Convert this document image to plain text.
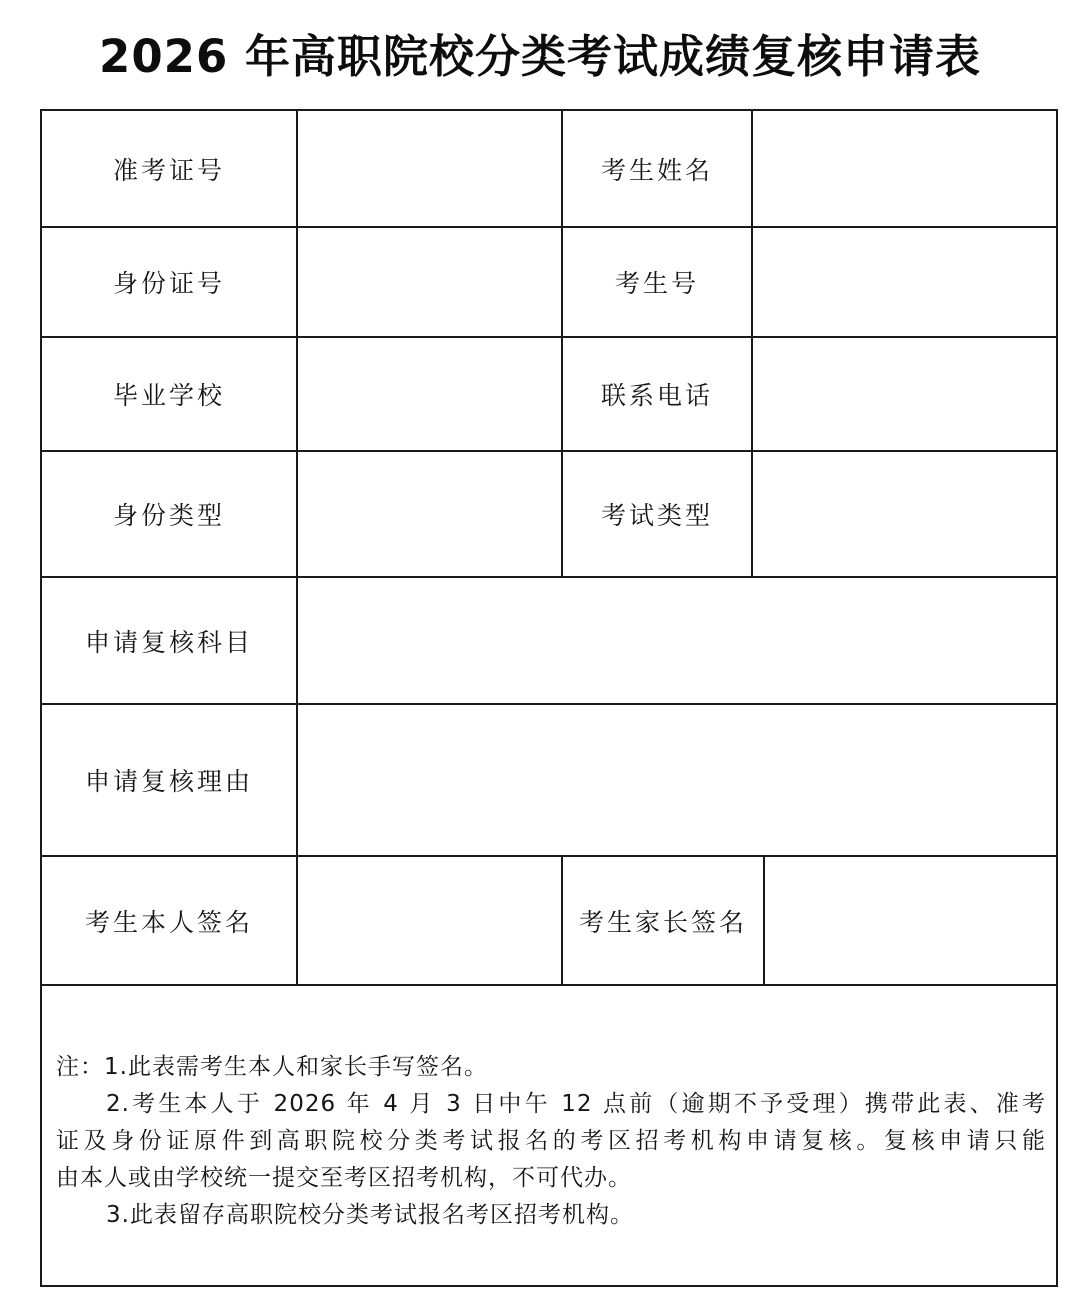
2026 年高职院校分类考试成绩复核申请表
准考证号	考生姓名
身份证号	考生号
毕业学校	联系电话
身份类型	考试类型
申请复核科目
申请复核理由
考生本人签名	考生家长签名
注：1.此表需考生本人和家长手写签名。
2.考生本人于 2026 年 4 月 3 日中午 12 点前（逾期不予受理）携带此表、准考
证及身份证原件到高职院校分类考试报名的考区招考机构申请复核。复核申请只能
由本人或由学校统一提交至考区招考机构，不可代办。
3.此表留存高职院校分类考试报名考区招考机构。
